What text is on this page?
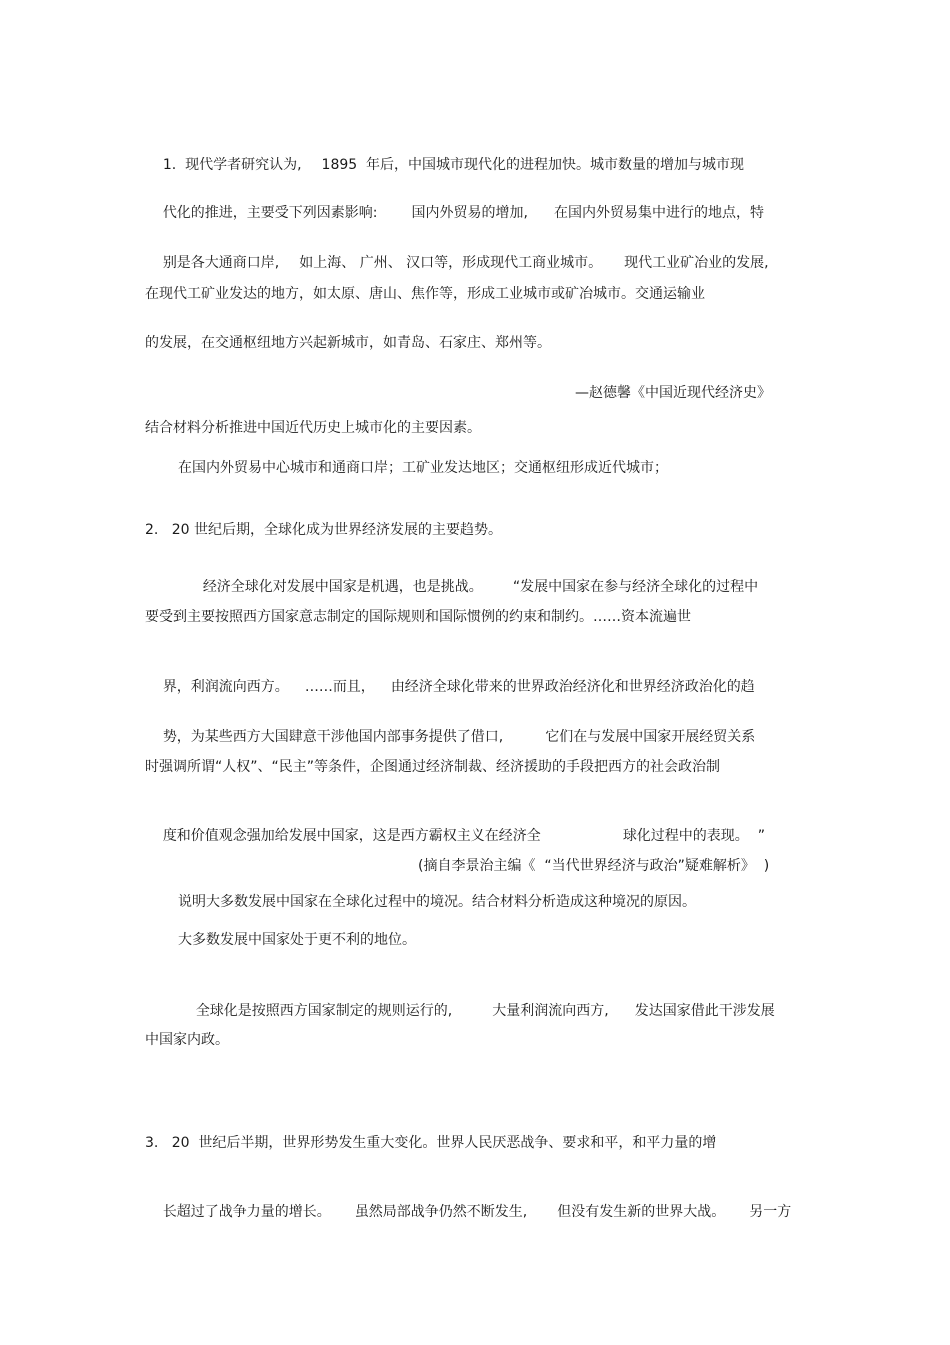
1.  现代学者研究认为, 1895  年后，中国城市现代化的进程加快。城市数量的增加与城市现

代化的推进，主要受下列因素影响: 国内外贸易的增加, 在国内外贸易集中进行的地点，特

别是各大通商口岸, 如上海、 广州、 汉口等，形成现代工商业城市。 现代工业矿冶业的发展,

在现代工矿业发达的地方，如太原、唐山、焦作等，形成工业城市或矿冶城市。交通运输业
的发展，在交通枢纽地方兴起新城市，如青岛、石家庄、郑州等。
—赵德馨《中国近现代经济史》
结合材料分析推进中国近代历史上城市化的主要因素。
在国内外贸易中心城市和通商口岸；工矿业发达地区；交通枢纽形成近代城市；
2.   20 世纪后期，全球化成为世界经济发展的主要趋势。

经济全球化对发展中国家是机遇，也是挑战。 “发展中国家在参与经济全球化的过程中

要受到主要按照西方国家意志制定的国际规则和国际惯例的约束和制约。……资本流遍世

界，利润流向西方。 ……而且， 由经济全球化带来的世界政治经济化和世界经济政治化的趋

势，为某些西方大国肆意干涉他国内部事务提供了借口,	它们在与发展中国家开展经贸关系

时强调所谓“人权”、“民主”等条件，企图通过经济制裁、经济援助的手段把西方的社会政治制

度和价值观念强加给发展中国家，这是西方霸权主义在经济全	球化过程中的表现。  ”

(摘自李景治主编《  “当代世界经济与政治”疑难解析》  )
说明大多数发展中国家在全球化过程中的境况。结合材料分析造成这种境况的原因。
大多数发展中国家处于更不利的地位。

全球化是按照西方国家制定的规则运行的,	大量利润流向西方, 发达国家借此干涉发展

中国家内政。
3.   20  世纪后半期，世界形势发生重大变化。世界人民厌恶战争、要求和平，和平力量的增

长超过了战争力量的增长。 虽然局部战争仍然不断发生, 但没有发生新的世界大战。 另一方
